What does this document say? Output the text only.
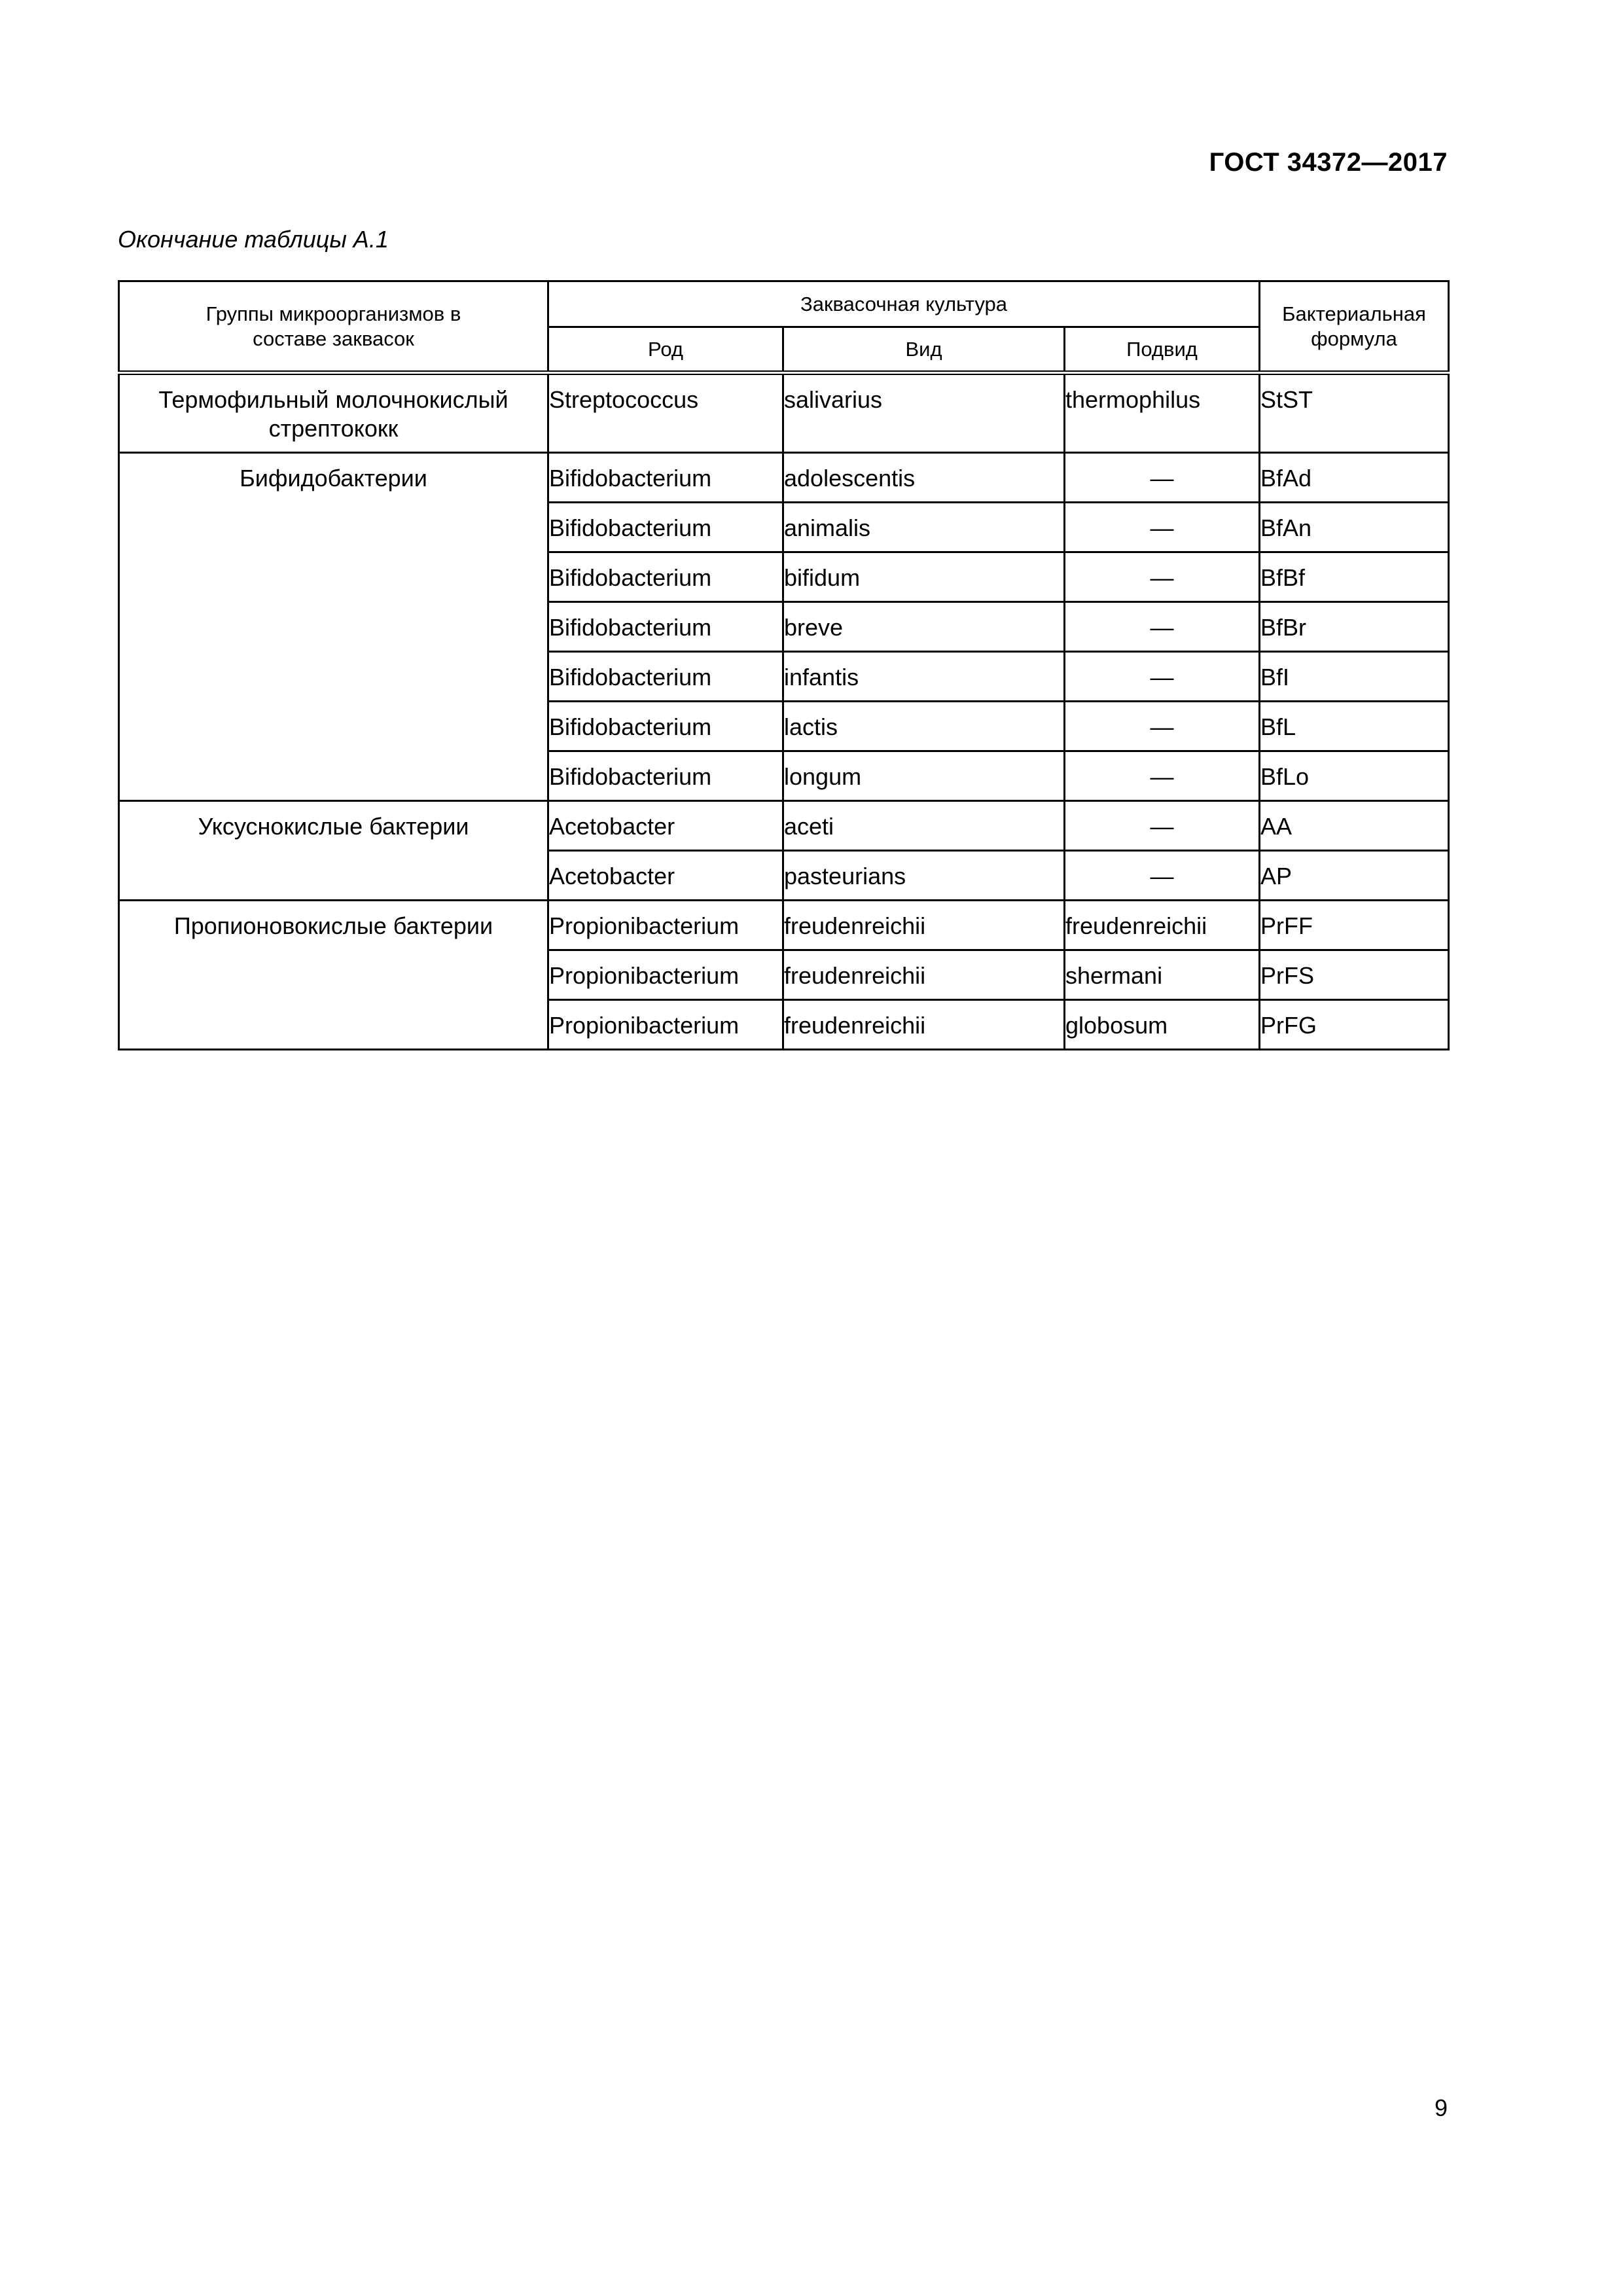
ГОСТ 34372—2017
Окончание таблицы А.1
Группы микроорганизмов в составе заквасок	Заквасочная культура			Бактериальная формула
	Род	Вид	Подвид	
Термофильный молочнокислый стрептококк	Streptococcus	salivarius	thermophilus	StST
Бифидобактерии	Bifidobacterium	adolescentis	—	BfAd
	Bifidobacterium	animalis	—	BfAn
	Bifidobacterium	bifidum	—	BfBf
	Bifidobacterium	breve	—	BfBr
	Bifidobacterium	infantis	—	BfI
	Bifidobacterium	lactis	—	BfL
	Bifidobacterium	longum	—	BfLo
Уксуснокислые бактерии	Acetobacter	aceti	—	AA
	Acetobacter	pasteurians	—	AP
Пропионовокислые бактерии	Propionibacterium	freudenreichii	freudenreichii	PrFF
	Propionibacterium	freudenreichii	shermani	PrFS
	Propionibacterium	freudenreichii	globosum	PrFG
9
